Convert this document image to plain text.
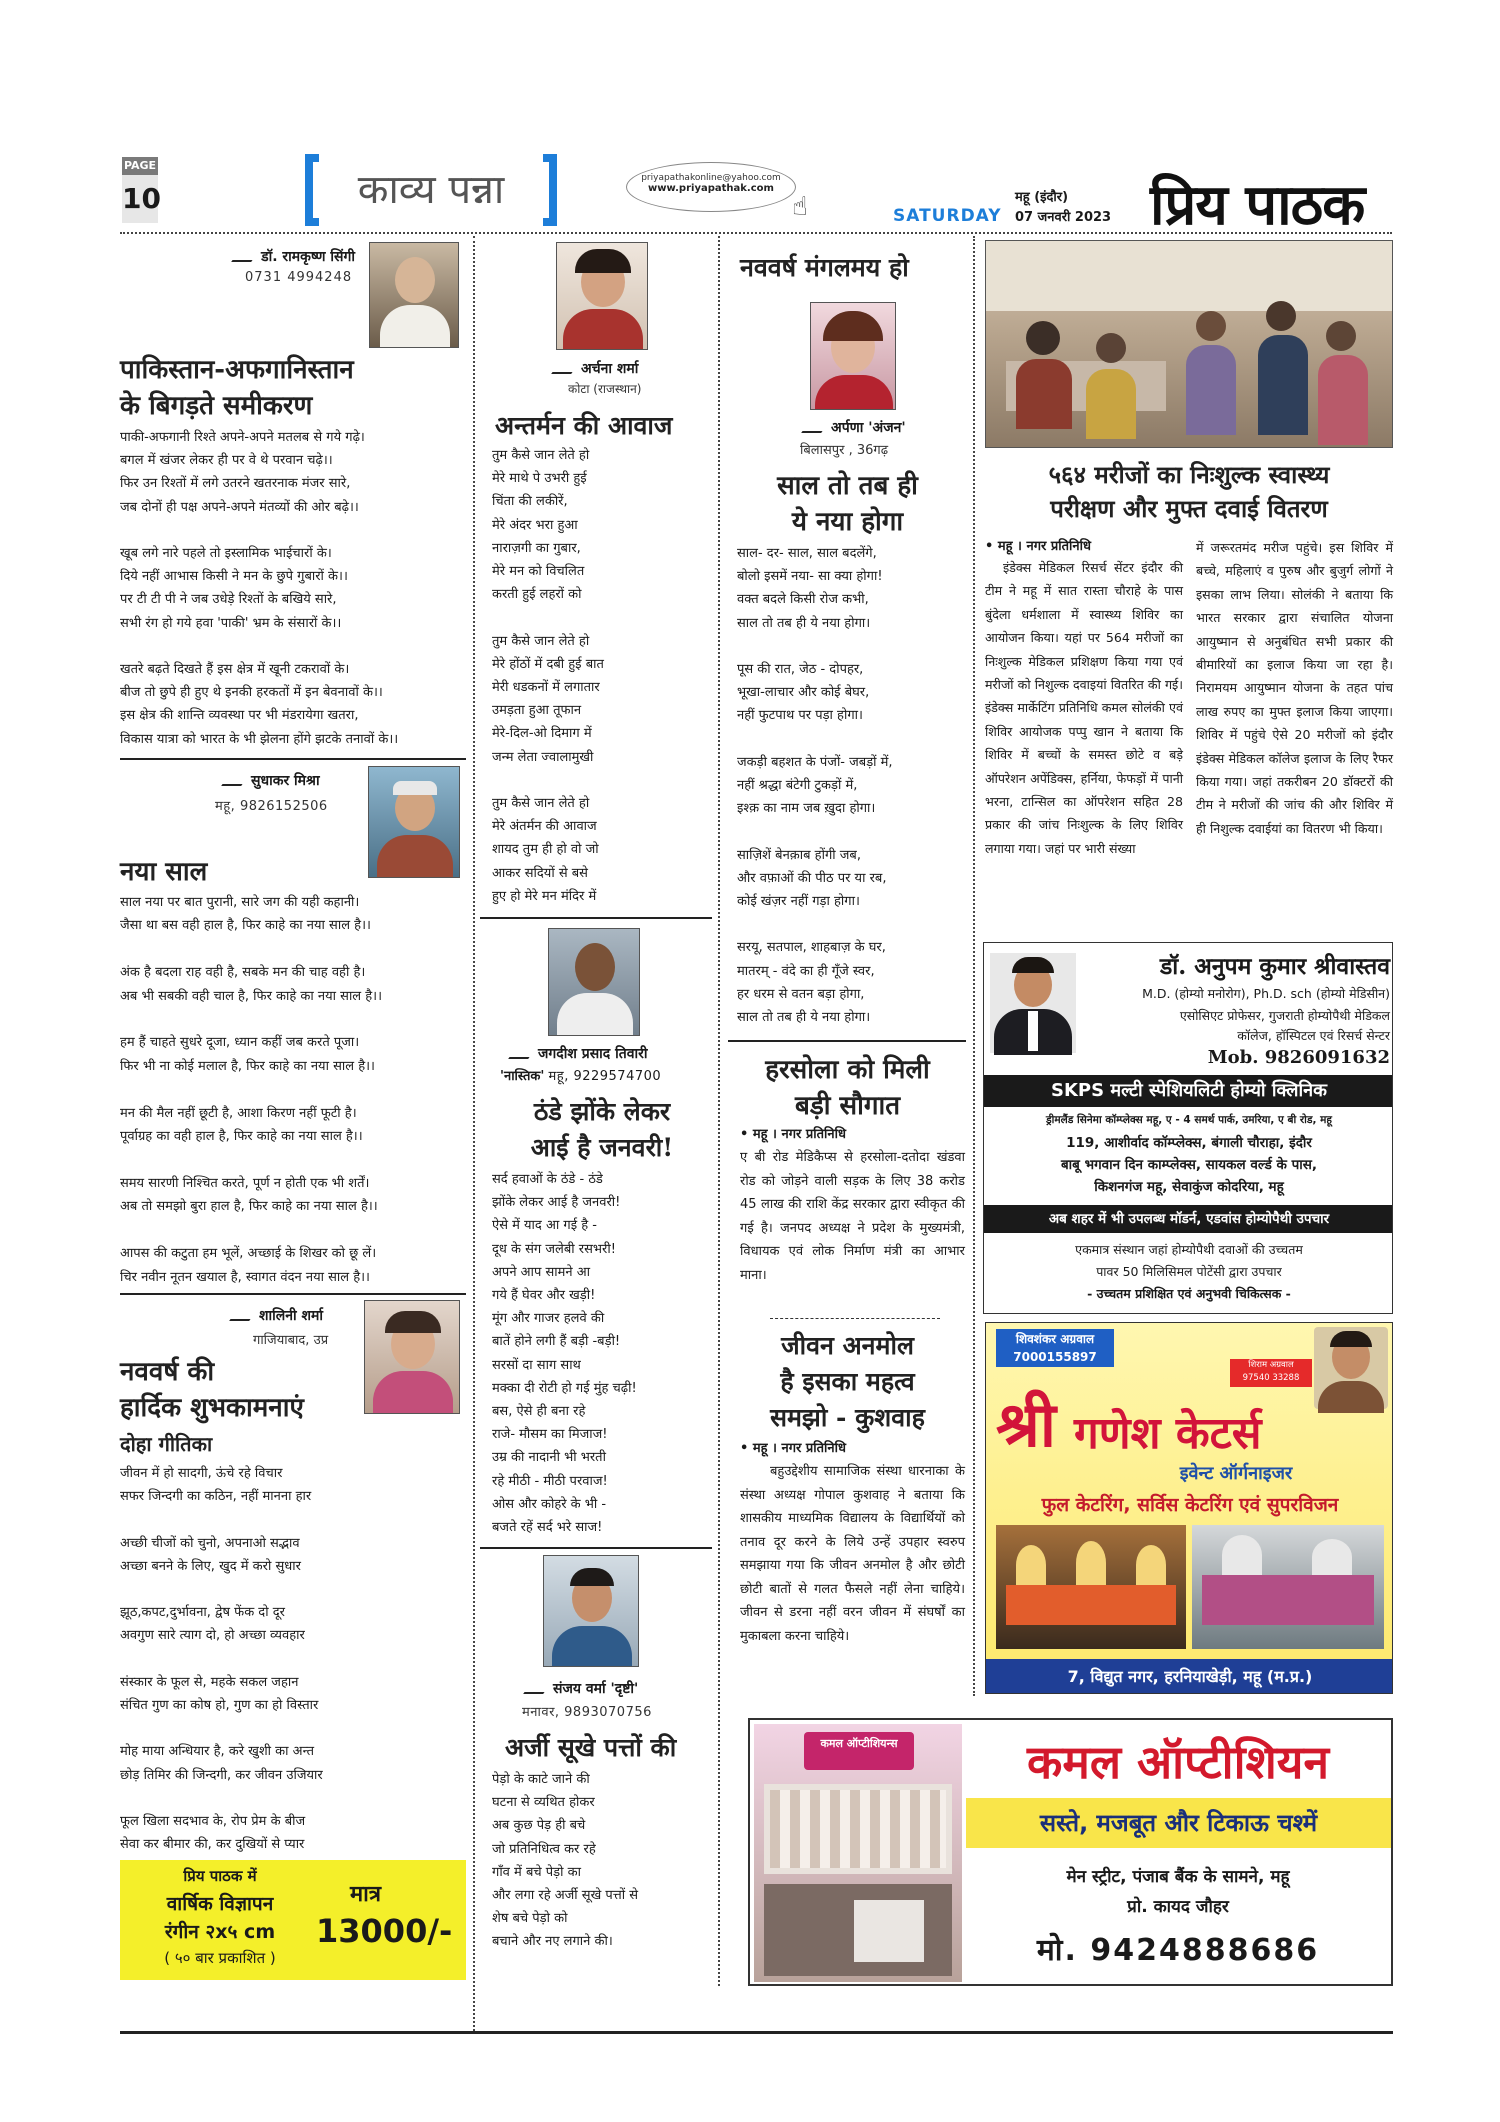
PAGE
10	काव्य पन्ना	priyapathakonline@yahoo.com
www.priyapathak.com
☝	SATURDAY
महू (इंदौर)
07 जनवरी 2023 प्रिय पाठक
डॉ. रामकृष्ण सिंगी
0731 4994248
पाकिस्तान-अफगानिस्तान
के बिगड़ते समीकरण
पाकी-अफगानी रिश्ते अपने-अपने मतलब से गये गढ़े।
बगल में खंजर लेकर ही पर वे थे परवान चढ़े।।
फिर उन रिश्तों में लगे उतरने खतरनाक मंजर सारे,
जब दोनों ही पक्ष अपने-अपने मंतव्यों की ओर बढ़े।।

खूब लगे नारे पहले तो इस्लामिक भाईचारों के।
दिये नहीं आभास किसी ने मन के छुपे गुबारों के।।
पर टी टी पी ने जब उधेड़े रिश्तों के बखिये सारे,
सभी रंग हो गये हवा 'पाकी' भ्रम के संसारों के।।

खतरे बढ़ते दिखते हैं इस क्षेत्र में खूनी टकरावों के।
बीज तो छुपे ही हुए थे इनकी हरकतों में इन बेवनावों के।।
इस क्षेत्र की शान्ति व्यवस्था पर भी मंडरायेगा खतरा,
विकास यात्रा को भारत के भी झेलना होंगे झटके तनावों के।।
सुधाकर मिश्रा
महू, 9826152506
नया साल
साल नया पर बात पुरानी, सारे जग की यही कहानी।
जैसा था बस वही हाल है, फिर काहे का नया साल है।।

अंक है बदला राह वही है, सबके मन की चाह वही है।
अब भी सबकी वही चाल है, फिर काहे का नया साल है।।

हम हैं चाहते सुधरे दूजा, ध्यान कहीं जब करते पूजा।
फिर भी ना कोई मलाल है, फिर काहे का नया साल है।।

मन की मैल नहीं छूटी है, आशा किरण नहीं फूटी है।
पूर्वाग्रह का वही हाल है, फिर काहे का नया साल है।।

समय सारणी निश्चित करते, पूर्ण न होती एक भी शर्तें।
अब तो समझो बुरा हाल है, फिर काहे का नया साल है।।

आपस की कटुता हम भूलें, अच्छाई के शिखर को छू लें।
चिर नवीन नूतन खयाल है, स्वागत वंदन नया साल है।।
शालिनी शर्मा
गाजियाबाद, उप्र
नववर्ष की
हार्दिक शुभकामनाएं
दोहा गीतिका
जीवन में हो सादगी, ऊंचे रहे विचार
सफर जिन्दगी का कठिन, नहीं मानना हार

अच्छी चीजों को चुनो, अपनाओ सद्भाव
अच्छा बनने के लिए, खुद में करो सुधार

झूठ,कपट,दुर्भावना, द्वेष फेंक दो दूर
अवगुण सारे त्याग दो, हो अच्छा व्यवहार

संस्कार के फूल से, महके सकल जहान
संचित गुण का कोष हो, गुण का हो विस्तार

मोह माया अन्धियार है, करे खुशी का अन्त
छोड़ तिमिर की जिन्दगी, कर जीवन उजियार

फूल खिला सदभाव के, रोप प्रेम के बीज
सेवा कर बीमार की, कर दुखियों से प्यार
प्रिय पाठक में
वार्षिक विज्ञापन
रंगीन २x५ cm
( ५० बार प्रकाशित )
मात्र
13000/-
अर्चना शर्मा
कोटा (राजस्थान)
अन्तर्मन की आवाज
तुम कैसे जान लेते हो
मेरे माथे पे उभरी हुई
चिंता की लकीरें,
मेरे अंदर भरा हुआ
नाराज़गी का गुबार,
मेरे मन को विचलित
करती हुई लहरों को

तुम कैसे जान लेते हो
मेरे होंठों में दबी हुई बात
मेरी धडकनों में लगातार
उमड़ता हुआ तूफान
मेरे-दिल-ओ दिमाग में
जन्म लेता ज्वालामुखी

तुम कैसे जान लेते हो
मेरे अंतर्मन की आवाज
शायद तुम ही हो वो जो
आकर सदियों से बसे
हुए हो मेरे मन मंदिर में
जगदीश प्रसाद तिवारी
'नास्तिक' महू, 9229574700
ठंडे झोंके लेकर
आई है जनवरी!
सर्द हवाओं के ठंडे - ठंडे
झोंके लेकर आई है जनवरी!
ऐसे में याद आ गई है -
दूध के संग जलेबी रसभरी!
अपने आप सामने आ
गये हैं घेवर और खड़ी!
मूंग और गाजर हलवे की
बातें होने लगी हैं बड़ी -बड़ी!
सरसों दा साग साथ
मक्का दी रोटी हो गई मुंह चढ़ी!
बस, ऐसे ही बना रहे
राजे- मौसम का मिजाज!
उम्र की नादानी भी भरती
रहे मीठी - मीठी परवाज!
ओस और कोहरे के भी -
बजते रहें सर्द भरे साज!
संजय वर्मा 'दृष्टी'
मनावर, 9893070756
अर्जी सूखे पत्तों की
पेड़ो के काटे जाने की
घटना से व्यथित होकर
अब कुछ पेड़ ही बचे
जो प्रतिनिधित्व कर रहे
गाँव में बचे पेड़ो का
और लगा रहे अर्जी सूखे पत्तों से
शेष बचे पेड़ो को
बचाने और नए लगाने की।
नववर्ष मंगलमय हो
अर्पणा 'अंजन'
बिलासपुर , 36गढ़
साल तो तब ही
ये नया होगा
साल- दर- साल, साल बदलेंगे,
बोलो इसमें नया- सा क्या होगा!
वक्त बदले किसी रोज कभी,
साल तो तब ही ये नया होगा।

पूस की रात, जेठ - दोपहर,
भूखा-लाचार और कोई बेघर,
नहीं फुटपाथ पर पड़ा होगा।

जकड़ी बहशत के पंजों- जबड़ों में,
नहीं श्रद्धा बंटेगी टुकड़ों में,
इश्क़ का नाम जब ख़ुदा होगा।

साज़िशें बेनक़ाब होंगी जब,
और वफ़ाओं की पीठ पर या रब,
कोई खंज़र नहीं गड़ा होगा।

सरयू, सतपाल, शाहबाज़ के घर,
मातरम् - वंदे का ही गूँजे स्वर,
हर धरम से वतन बड़ा होगा,
साल तो तब ही ये नया होगा।
हरसोला को मिली
बड़ी सौगात
• महू । नगर प्रतिनिधि
ए बी रोड मेडिकैप्स से हरसोला-दतोदा खंडवा रोड को जोड़ने वाली सड़क के लिए 38 करोड 45 लाख की राशि केंद्र सरकार द्वारा स्वीकृत की गई है। जनपद अध्यक्ष ने प्रदेश के मुख्यमंत्री, विधायक एवं लोक निर्माण मंत्री का आभार माना।
जीवन अनमोल
है इसका महत्व
समझो - कुशवाह
• महू । नगर प्रतिनिधि
बहुउद्देशीय सामाजिक संस्था धारनाका के संस्था अध्यक्ष गोपाल कुशवाह ने बताया कि शासकीय माध्यमिक विद्यालय के विद्यार्थियों को तनाव दूर करने के लिये उन्हें उपहार स्वरुप समझाया गया कि जीवन अनमोल है और छोटी छोटी बातों से गलत फैसले नहीं लेना चाहिये। जीवन से डरना नहीं वरन जीवन में संघर्षों का मुकाबला करना चाहिये।
५६४ मरीजों का निःशुल्क स्वास्थ्य
परीक्षण और मुफ्त दवाई वितरण
• महू । नगर प्रतिनिधि
इंडेक्स मेडिकल रिसर्च सेंटर इंदौर की टीम ने महू में सात रास्ता चौराहे के पास बुंदेला धर्मशाला में स्वास्थ्य शिविर का आयोजन किया। यहां पर 564 मरीजों का निःशुल्क मेडिकल प्रशिक्षण किया गया एवं मरीजों को निशुल्क दवाइयां वितरित की गई। इंडेक्स मार्केटिंग प्रतिनिधि कमल सोलंकी एवं शिविर आयोजक पप्पु खान ने बताया कि शिविर में बच्चों के समस्त छोटे व बड़े ऑपरेशन अपेंडिक्स, हर्निया, फेफड़ों में पानी भरना, टान्सिल का ऑपरेशन सहित 28 प्रकार की जांच निःशुल्क के लिए शिविर लगाया गया। जहां पर भारी संख्या
में जरूरतमंद मरीज पहुंचे। इस शिविर में बच्चे, महिलाएं व पुरुष और बुजुर्ग लोगों ने इसका लाभ लिया। सोलंकी ने बताया कि भारत सरकार द्वारा संचालित योजना आयुष्मान से अनुबंधित सभी प्रकार की बीमारियों का इलाज किया जा रहा है। निरामयम आयुष्मान योजना के तहत पांच लाख रुपए का मुफ्त इलाज किया जाएगा। शिविर में पहुंचे ऐसे 20 मरीजों को इंदौर इंडेक्स मेडिकल कॉलेज इलाज के लिए रैफर किया गया। जहां तकरीबन 20 डॉक्टरों की टीम ने मरीजों की जांच की और शिविर में ही निशुल्क दवाईयां का वितरण भी किया।
डॉ. अनुपम कुमार श्रीवास्तव
M.D. (होम्यो मनोरोग), Ph.D. sch (होम्यो मेडिसीन)
एसोसिएट प्रोफेसर, गुजराती होम्योपैथी मेडिकल
कॉलेज, हॉस्पिटल एवं रिसर्च सेन्टर
Mob. 9826091632
SKPS मल्टी स्पेशियलिटी होम्यो क्लिनिक
ड्रीमलैंड सिनेमा कॉम्प्लेक्स महू, ए - 4 समर्थ पार्क, उमरिया, ए बी रोड, महू
119, आशीर्वाद कॉम्प्लेक्स, बंगाली चौराहा, इंदौर
बाबू भगवान दिन काम्प्लेक्स, सायकल वर्ल्ड के पास,
किशनगंज महू, सेवाकुंज कोदरिया, महू
अब शहर में भी उपलब्ध मॉडर्न, एडवांस होम्योपैथी उपचार
एकमात्र संस्थान जहां होम्योपैथी दवाओं की उच्चतम
पावर 50 मिलिसिमल पोटेंसी द्वारा उपचार
- उच्चतम प्रशिक्षित एवं अनुभवी चिकित्सक -
शिवशंकर अग्रवाल
7000155897
शिराम अग्रवाल
97540 33288
श्री गणेश केटर्स
इवेन्ट ऑर्गनाइजर
फुल केटरिंग, सर्विस केटरिंग एवं सुपरविजन
7, विद्युत नगर, हरनियाखेड़ी, महू (म.प्र.)
कमल ऑप्टीशियन्स	कमल ऑप्टीशियन
सस्ते, मजबूत और टिकाऊ चश्में
मेन स्ट्रीट, पंजाब बैंक के सामने, महू
प्रो. कायद जौहर
मो. 9424888686
